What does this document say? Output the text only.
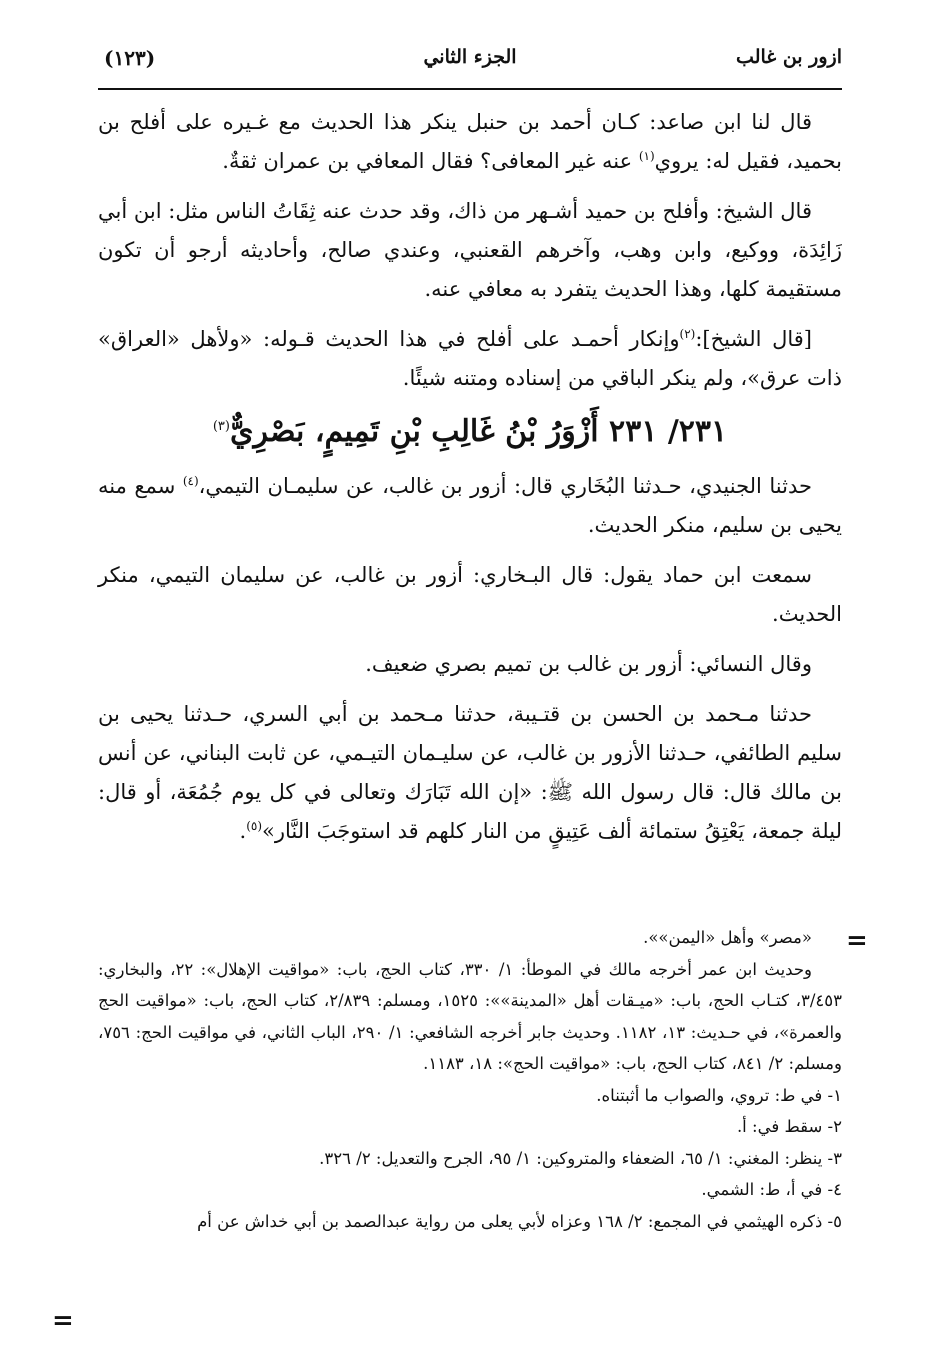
ازور بن غالب
الجزء الثاني
(١٢٣)

قال لنا ابن صاعد: كـان أحمد بن حنبل ينكر هذا الحديث مع غـيره على أفلح بن بحميد، فقيل له: يروي$^{(١)}$ عنه غير المعافى؟ فقال المعافي بن عمران ثقةٌ.

قال الشيخ: وأفلح بن حميد أشـهر من ذاك، وقد حدث عنه ثِقَاتُ الناس مثل: ابن أبي زَائِدَة، ووكيع، وابن وهب، وآخرهم القعنبي، وعندي صالح، وأحاديثه أرجو أن تكون مستقيمة كلها، وهذا الحديث يتفرد به معافي عنه.

[قال الشيخ]:$^{(٢)}$وإنكار أحمـد على أفلح في هذا الحديث قـوله: «ولأهل «العراق» ذات عرق»، ولم ينكر الباقي من إسناده ومتنه شيئًا.

٢٣١/ ٢٣١ أَزْوَرُ بْنُ غَالِبِ بْنِ تَمِيمٍ، بَصْرِيٌّ$^{(٣)}$

حدثنا الجنيدي، حـدثنا البُخَاري قال: أزور بن غالب، عن سليمـان التيمي،$^{(٤)}$ سمع منه يحيى بن سليم، منكر الحديث.

سمعت ابن حماد يقول: قال البـخاري: أزور بن غالب، عن سليمان التيمي، منكر الحديث.

وقال النسائي: أزور بن غالب بن تميم بصري ضعيف.

حدثنا مـحمد بن الحسن بن قتـيبة، حدثنا مـحمد بن أبي السري، حـدثنا يحيى بن سليم الطائفي، حـدثنا الأزور بن غالب، عن سليـمان التيـمي، عن ثابت البناني، عن أنس بن مالك قال: قال رسول الله ﷺ: «إن الله تَبَارَك وتعالى في كل يوم جُمُعَة، أو قال: ليلة جمعة، يَعْتِقُ ستمائة ألف عَتِيقٍ من النار كلهم قد استوجَبَ النَّار»$^{(٥)}$.

=

«مصر» وأهل «اليمن»».

وحديث ابن عمر أخرجه مالك في الموطأ: ١/ ٣٣٠، كتاب الحج، باب: «مواقيت الإهلال»: ٢٢، والبخاري: ٣/٤٥٣، كتـاب الحج، باب: «ميـقات أهل «المدينة»»: ١٥٢٥، ومسلم: ٢/٨٣٩، كتاب الحج، باب: «مواقيت الحج والعمرة»، في حـديث: ١٣، ١١٨٢. وحديث جابر أخرجه الشافعي: ١/ ٢٩٠، الباب الثاني، في مواقيت الحج: ٧٥٦، ومسلم: ٢/ ٨٤١، كتاب الحج، باب: «مواقيت الحج»: ١٨، ١١٨٣.

١- في ط: تروي، والصواب ما أثبتناه.

٢- سقط في: أ.

٣- ينظر: المغني: ١/ ٦٥، الضعفاء والمتروكين: ١/ ٩٥، الجرح والتعديل: ٢/ ٣٢٦.

٤- في أ، ط: الشمي.

٥- ذكره الهيثمي في المجمع: ٢/ ١٦٨ وعزاه لأبي يعلى من رواية عبدالصمد بن أبي خداش عن أم

=
